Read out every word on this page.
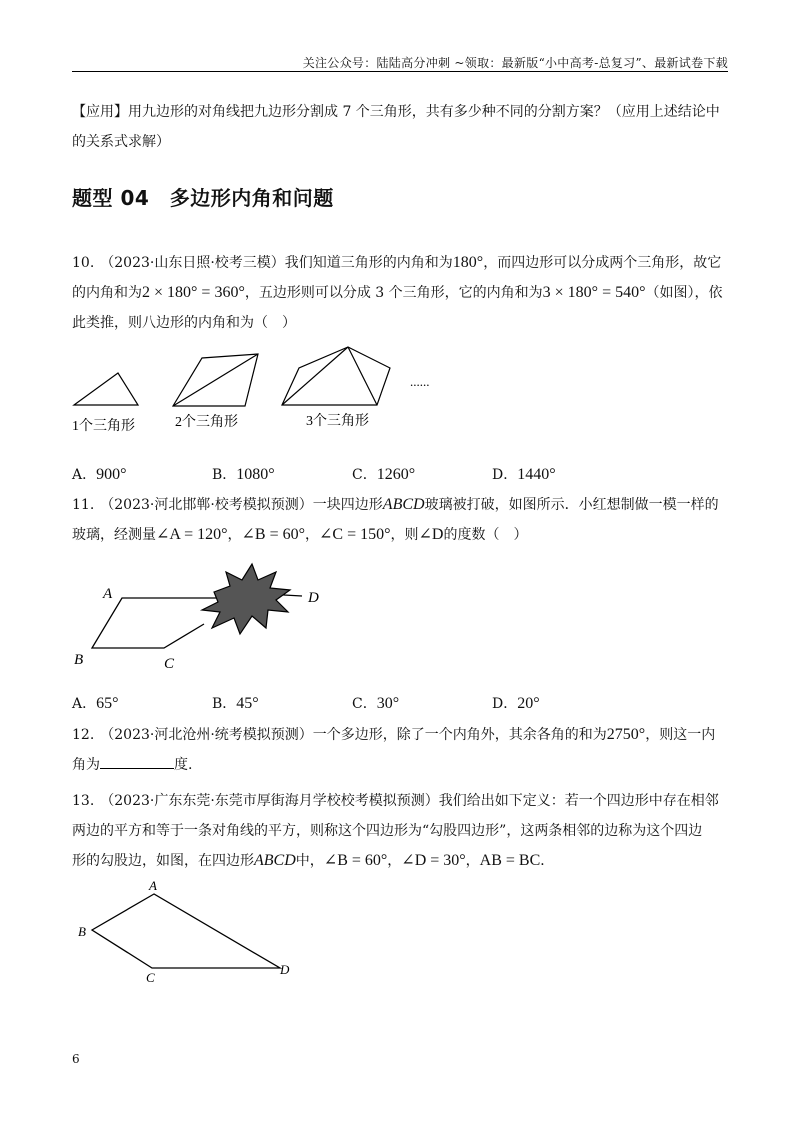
关注公众号：陆陆高分冲刺 ~领取：最新版“小中高考-总复习”、最新试卷下载
【应用】用九边形的对角线把九边形分割成 7 个三角形，共有多少种不同的分割方案？（应用上述结论中
的关系式求解）
题型 04　多边形内角和问题
10. （2023·山东日照·校考三模）我们知道三角形的内角和为180°，而四边形可以分成两个三角形，故它
的内角和为2 × 180° = 360°，五边形则可以分成 3 个三角形，它的内角和为3 × 180° = 540°（如图），依
此类推，则八边形的内角和为（　）
......
1个三角形	2个三角形	3个三角形
A．900°	B．1080°	C．1260°	D．1440°
11. （2023·河北邯郸·校考模拟预测）一块四边形ABCD玻璃被打破，如图所示．小红想制做一模一样的
玻璃，经测量∠A = 120°，∠B = 60°，∠C = 150°，则∠D的度数（　）
A
B	C
D
A．65°	B．45°	C．30°	D．20°
12. （2023·河北沧州·统考模拟预测）一个多边形，除了一个内角外，其余各角的和为2750°，则这一内
角为	度.
13. （2023·广东东莞·东莞市厚街海月学校校考模拟预测）我们给出如下定义：若一个四边形中存在相邻
两边的平方和等于一条对角线的平方，则称这个四边形为“勾股四边形”，这两条相邻的边称为这个四边
形的勾股边，如图，在四边形ABCD中，∠B = 60°，∠D = 30°，AB = BC．
A
B
C
D
6
